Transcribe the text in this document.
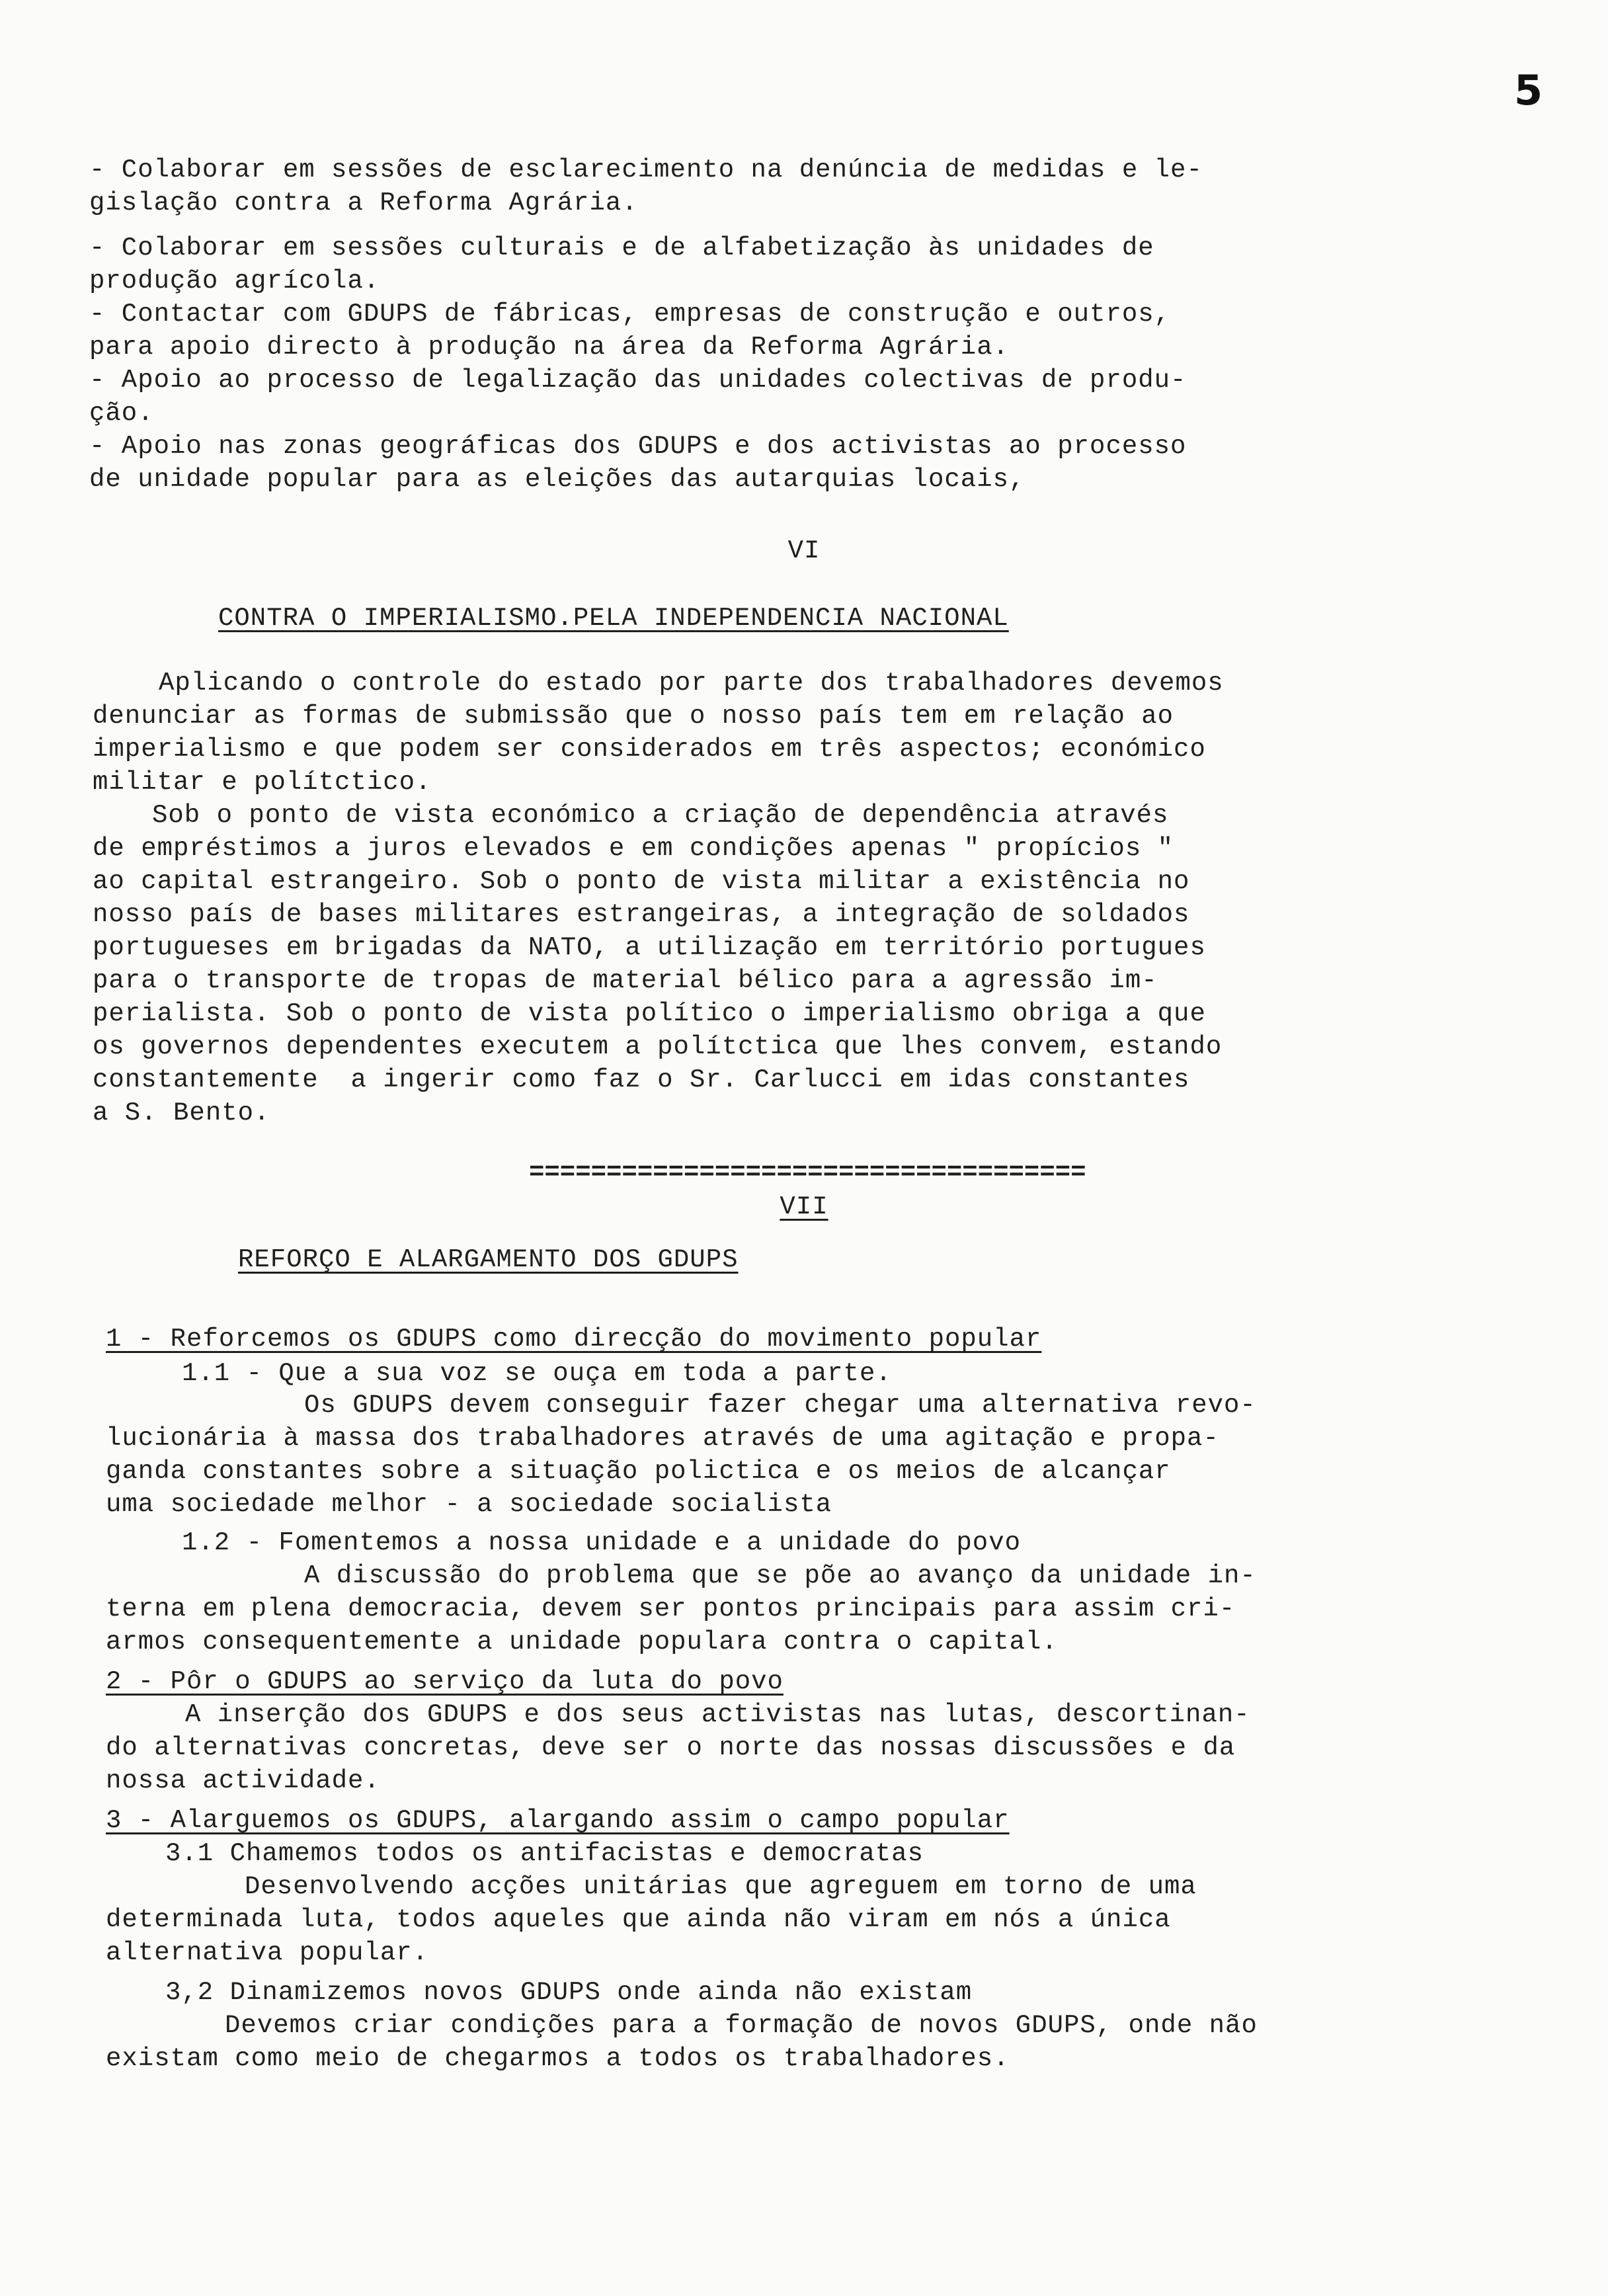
5
- Colaborar em sessões de esclarecimento na denúncia de medidas e le-
gislação contra a Reforma Agrária.
- Colaborar em sessões culturais e de alfabetização às unidades de
produção agrícola.
- Contactar com GDUPS de fábricas, empresas de construção e outros,
para apoio directo à produção na área da Reforma Agrária.
- Apoio ao processo de legalização das unidades colectivas de produ-
ção.
- Apoio nas zonas geográficas dos GDUPS e dos activistas ao processo
de unidade popular para as eleições das autarquias locais,
VI
CONTRA O IMPERIALISMO.PELA INDEPENDENCIA NACIONAL
Aplicando o controle do estado por parte dos trabalhadores devemos
denunciar as formas de submissão que o nosso país tem em relação ao
imperialismo e que podem ser considerados em três aspectos; económico
militar e polítctico.
Sob o ponto de vista económico a criação de dependência através
de empréstimos a juros elevados e em condições apenas " propícios "
ao capital estrangeiro. Sob o ponto de vista militar a existência no
nosso país de bases militares estrangeiras, a integração de soldados
portugueses em brigadas da NATO, a utilização em território portugues
para o transporte de tropas de material bélico para a agressão im-
perialista. Sob o ponto de vista político o imperialismo obriga a que
os governos dependentes executem a polítctica que lhes convem, estando
constantemente  a ingerir como faz o Sr. Carlucci em idas constantes
a S. Bento.
====================================
VII
REFORÇO E ALARGAMENTO DOS GDUPS
1 - Reforcemos os GDUPS como direcção do movimento popular
1.1 - Que a sua voz se ouça em toda a parte.
Os GDUPS devem conseguir fazer chegar uma alternativa revo-
lucionária à massa dos trabalhadores através de uma agitação e propa-
ganda constantes sobre a situação polictica e os meios de alcançar
uma sociedade melhor - a sociedade socialista
1.2 - Fomentemos a nossa unidade e a unidade do povo
A discussão do problema que se põe ao avanço da unidade in-
terna em plena democracia, devem ser pontos principais para assim cri-
armos consequentemente a unidade populara contra o capital.
2 - Pôr o GDUPS ao serviço da luta do povo
A inserção dos GDUPS e dos seus activistas nas lutas, descortinan-
do alternativas concretas, deve ser o norte das nossas discussões e da
nossa actividade.
3 - Alarguemos os GDUPS, alargando assim o campo popular
3.1 Chamemos todos os antifacistas e democratas
Desenvolvendo acções unitárias que agreguem em torno de uma
determinada luta, todos aqueles que ainda não viram em nós a única
alternativa popular.
3,2 Dinamizemos novos GDUPS onde ainda não existam
Devemos criar condições para a formação de novos GDUPS, onde não
existam como meio de chegarmos a todos os trabalhadores.
